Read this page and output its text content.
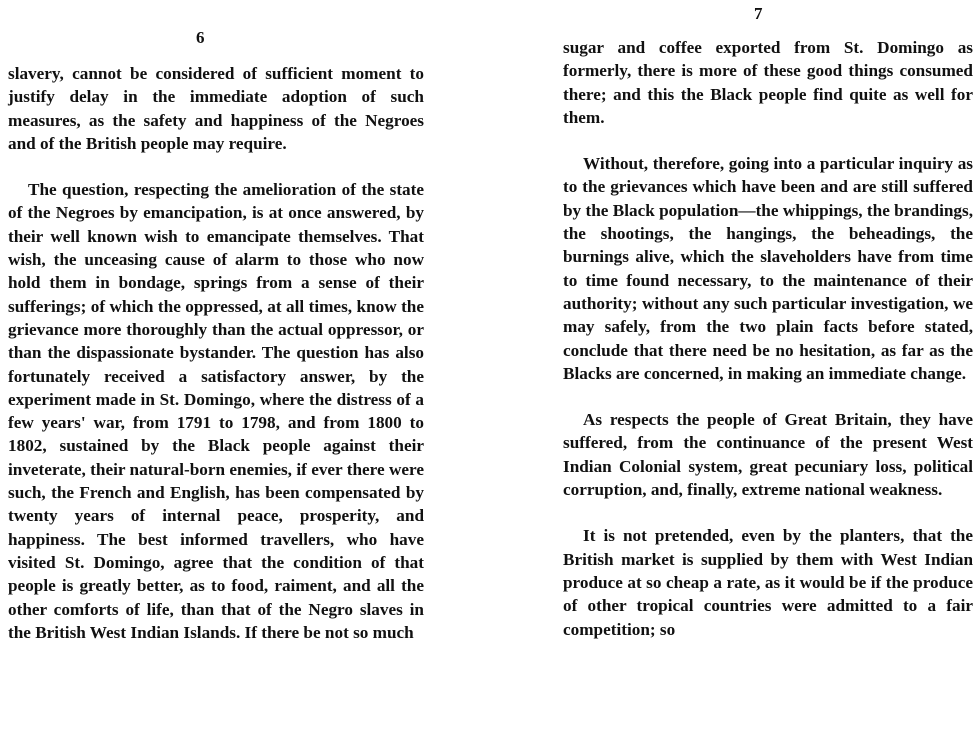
6

slavery, cannot be considered of sufficient moment to justify delay in the immediate adoption of such measures, as the safety and happiness of the Negroes and of the British people may require.

The question, respecting the amelioration of the state of the Negroes by emancipation, is at once answered, by their well known wish to emancipate themselves. That wish, the unceasing cause of alarm to those who now hold them in bondage, springs from a sense of their sufferings; of which the oppressed, at all times, know the grievance more thoroughly than the actual oppressor, or than the dispassionate bystander. The question has also fortunately received a satisfactory answer, by the experiment made in St. Domingo, where the distress of a few years' war, from 1791 to 1798, and from 1800 to 1802, sustained by the Black people against their inveterate, their natural-born enemies, if ever there were such, the French and English, has been compensated by twenty years of internal peace, prosperity, and happiness. The best informed travellers, who have visited St. Domingo, agree that the condition of that people is greatly better, as to food, raiment, and all the other comforts of life, than that of the Negro slaves in the British West Indian Islands. If there be not so much

7

sugar and coffee exported from St. Domingo as formerly, there is more of these good things consumed there; and this the Black people find quite as well for them.

Without, therefore, going into a particular inquiry as to the grievances which have been and are still suffered by the Black population—the whippings, the brandings, the shootings, the hangings, the beheadings, the burnings alive, which the slaveholders have from time to time found necessary, to the maintenance of their authority; without any such particular investigation, we may safely, from the two plain facts before stated, conclude that there need be no hesitation, as far as the Blacks are concerned, in making an immediate change.

As respects the people of Great Britain, they have suffered, from the continuance of the present West Indian Colonial system, great pecuniary loss, political corruption, and, finally, extreme national weakness.

It is not pretended, even by the planters, that the British market is supplied by them with West Indian produce at so cheap a rate, as it would be if the produce of other tropical countries were admitted to a fair competition; so
